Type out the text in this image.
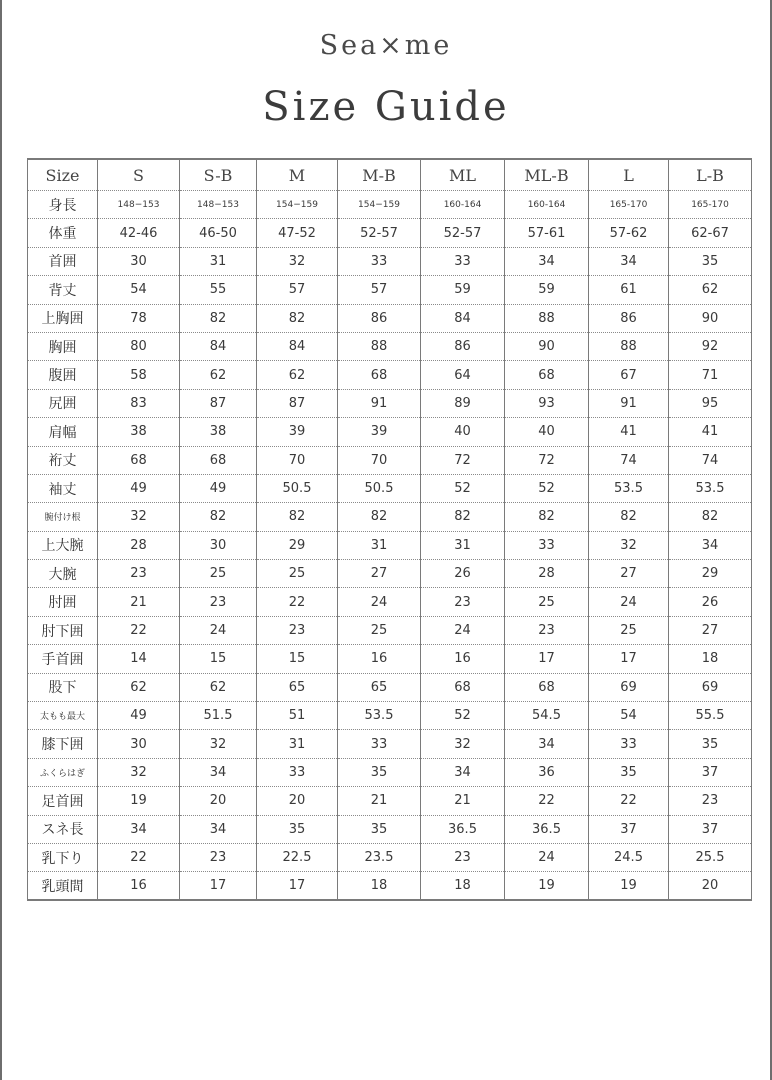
Sea×me
Size Guide
Size	S	S-B	M	M-B	ML	ML-B	L	L-B
身長	148−153	148−153	154−159	154−159	160-164	160-164	165-170	165-170
体重	42-46	46-50	47-52	52-57	52-57	57-61	57-62	62-67
首囲	30	31	32	33	33	34	34	35
背丈	54	55	57	57	59	59	61	62
上胸囲	78	82	82	86	84	88	86	90
胸囲	80	84	84	88	86	90	88	92
腹囲	58	62	62	68	64	68	67	71
尻囲	83	87	87	91	89	93	91	95
肩幅	38	38	39	39	40	40	41	41
裄丈	68	68	70	70	72	72	74	74
袖丈	49	49	50.5	50.5	52	52	53.5	53.5
腕付け根	32	82	82	82	82	82	82	82
上大腕	28	30	29	31	31	33	32	34
大腕	23	25	25	27	26	28	27	29
肘囲	21	23	22	24	23	25	24	26
肘下囲	22	24	23	25	24	23	25	27
手首囲	14	15	15	16	16	17	17	18
股下	62	62	65	65	68	68	69	69
太もも最大	49	51.5	51	53.5	52	54.5	54	55.5
膝下囲	30	32	31	33	32	34	33	35
ふくらはぎ	32	34	33	35	34	36	35	37
足首囲	19	20	20	21	21	22	22	23
スネ長	34	34	35	35	36.5	36.5	37	37
乳下り	22	23	22.5	23.5	23	24	24.5	25.5
乳頭間	16	17	17	18	18	19	19	20
